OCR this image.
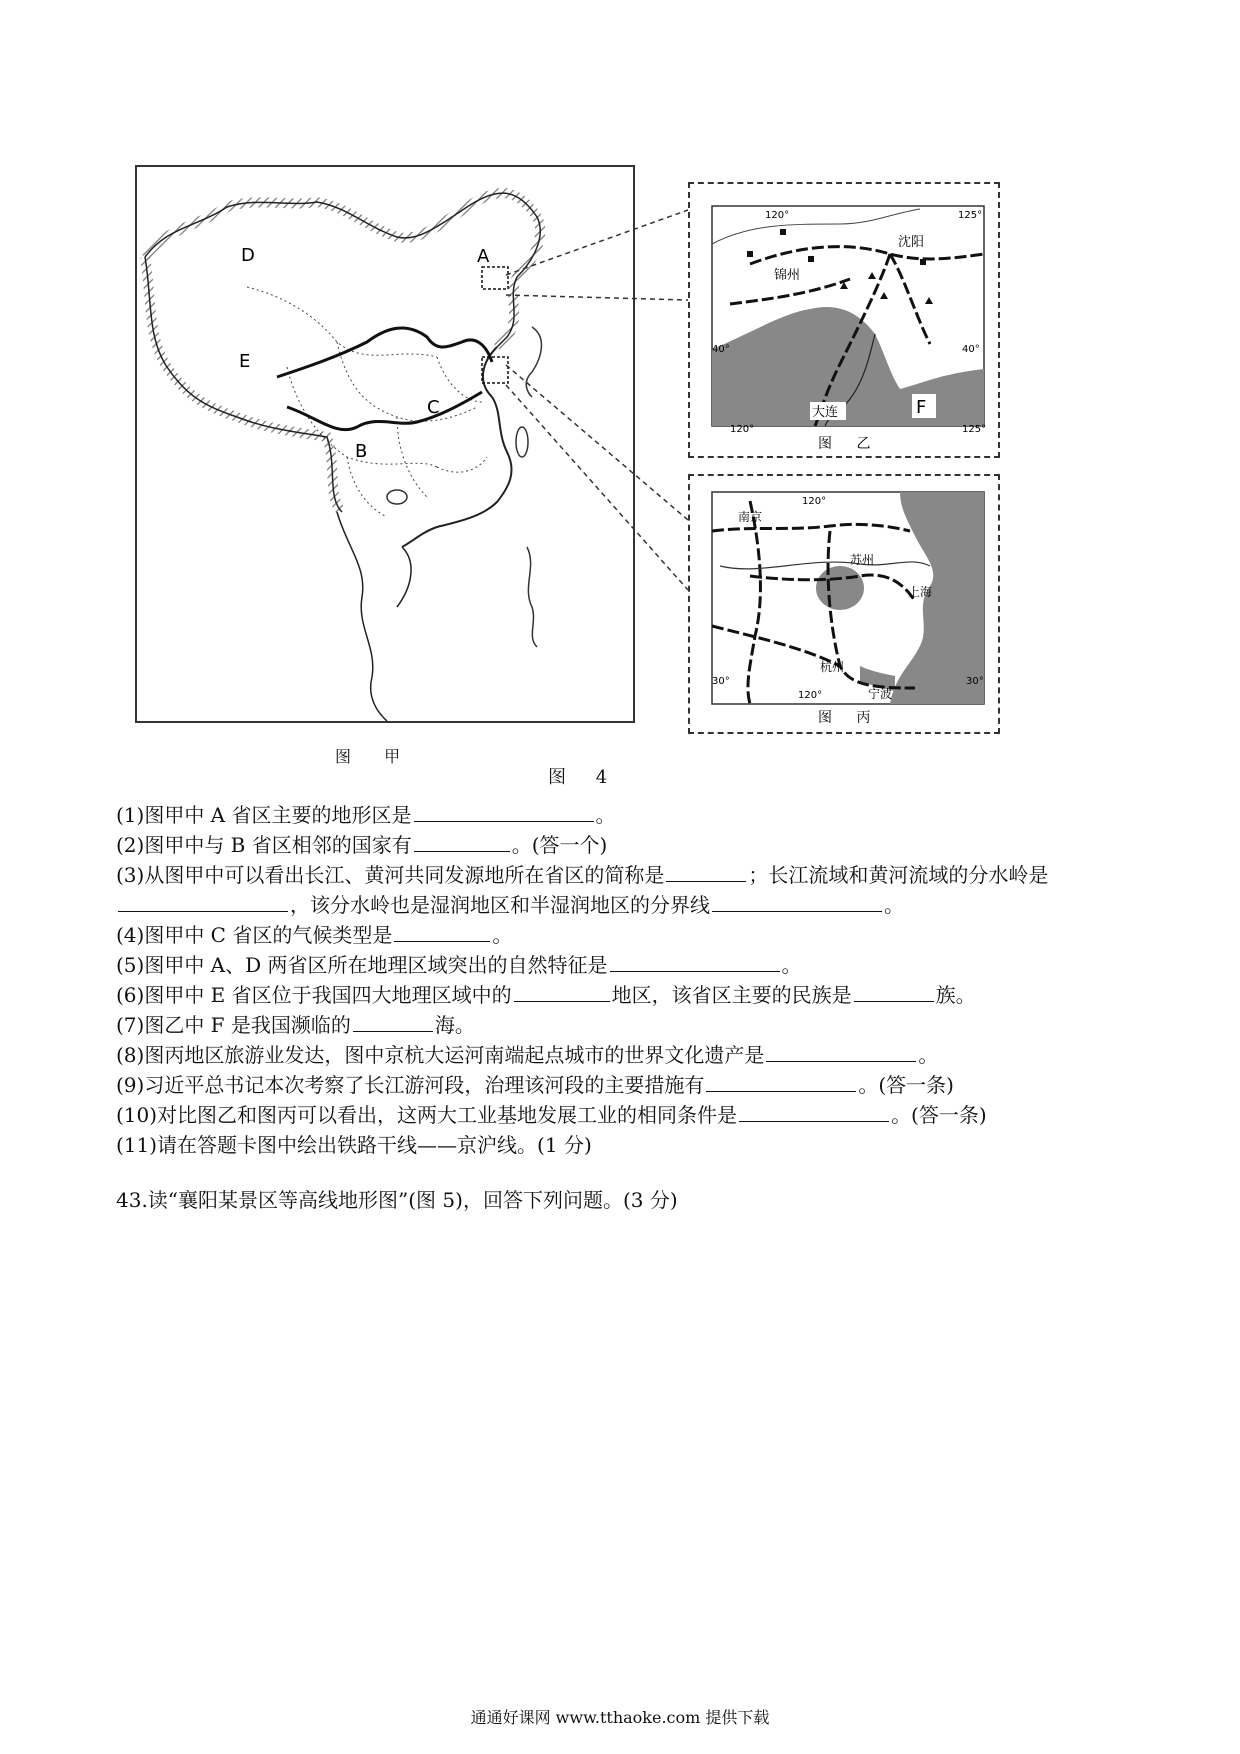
D	A
E
C
B
图 甲
图 4
120°	125°
沈阳
锦州
40°	40°
大连	F
120°	125°
图 乙
120°
南京
苏州
上海
杭州
30°	30°
120°	宁波
图 丙
(1)图甲中 A 省区主要的地形区是	。
(2)图甲中与 B 省区相邻的国家有	。(答一个)
(3)从图甲中可以看出长江、黄河共同发源地所在省区的简称是	；长江流域和黄河流域的分水岭是
，该分水岭也是湿润地区和半湿润地区的分界线	。
(4)图甲中 C 省区的气候类型是	。
(5)图甲中 A、D 两省区所在地理区域突出的自然特征是	。
(6)图甲中 E 省区位于我国四大地理区域中的	地区，该省区主要的民族是	族。
(7)图乙中 F 是我国濒临的	海。
(8)图丙地区旅游业发达，图中京杭大运河南端起点城市的世界文化遗产是	。
(9)习近平总书记本次考察了长江游河段，治理该河段的主要措施有	。(答一条)
(10)对比图乙和图丙可以看出，这两大工业基地发展工业的相同条件是	。(答一条)
(11)请在答题卡图中绘出铁路干线——京沪线。(1 分)
43.读“襄阳某景区等高线地形图”(图 5)，回答下列问题。(3 分)
通通好课网 www.tthaoke.com 提供下载
